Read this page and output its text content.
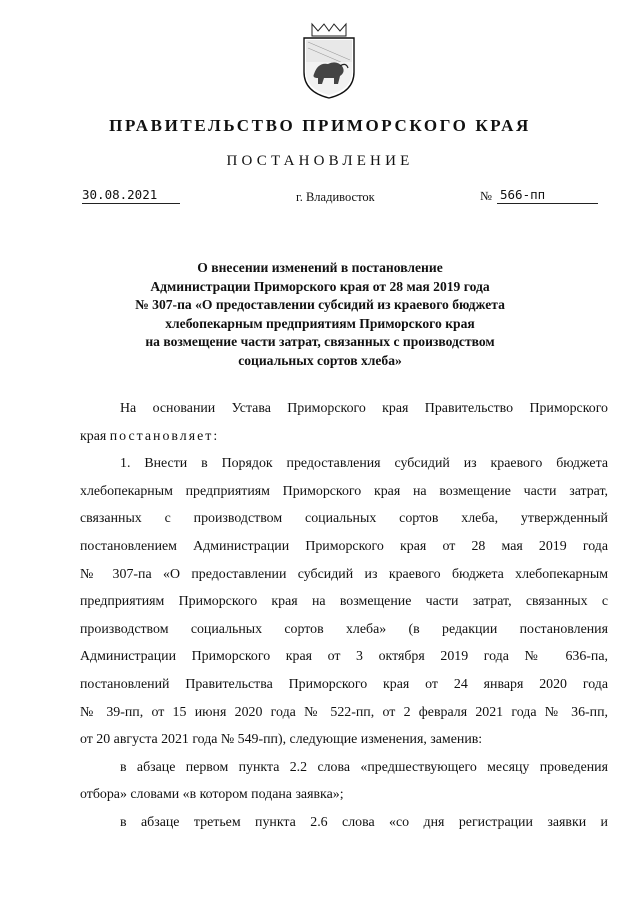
ПРАВИТЕЛЬСТВО ПРИМОРСКОГО КРАЯ
ПОСТАНОВЛЕНИЕ
30.08.2021	г. Владивосток	№ 566-пп
О внесении изменений в постановление
Администрации Приморского края от 28 мая 2019 года
№ 307-па «О предоставлении субсидий из краевого бюджета
хлебопекарным предприятиям Приморского края
на возмещение части затрат, связанных с производством
социальных сортов хлеба»
На основании Устава Приморского края Правительство Приморского
края постановляет:
1. Внести в Порядок предоставления субсидий из краевого бюджета
хлебопекарным предприятиям Приморского края на возмещение части затрат,
связанных с производством социальных сортов хлеба, утвержденный
постановлением Администрации Приморского края от 28 мая 2019 года
№ 307-па «О предоставлении субсидий из краевого бюджета хлебопекарным
предприятиям Приморского края на возмещение части затрат, связанных с
производством социальных сортов хлеба» (в редакции постановления
Администрации Приморского края от 3 октября 2019 года № 636-па,
постановлений Правительства Приморского края от 24 января 2020 года
№ 39-пп, от 15 июня 2020 года № 522-пп, от 2 февраля 2021 года № 36-пп,
от 20 августа 2021 года № 549-пп), следующие изменения, заменив:
в абзаце первом пункта 2.2 слова «предшествующего месяцу проведения
отбора» словами «в котором подана заявка»;
в абзаце третьем пункта 2.6 слова «со дня регистрации заявки и
